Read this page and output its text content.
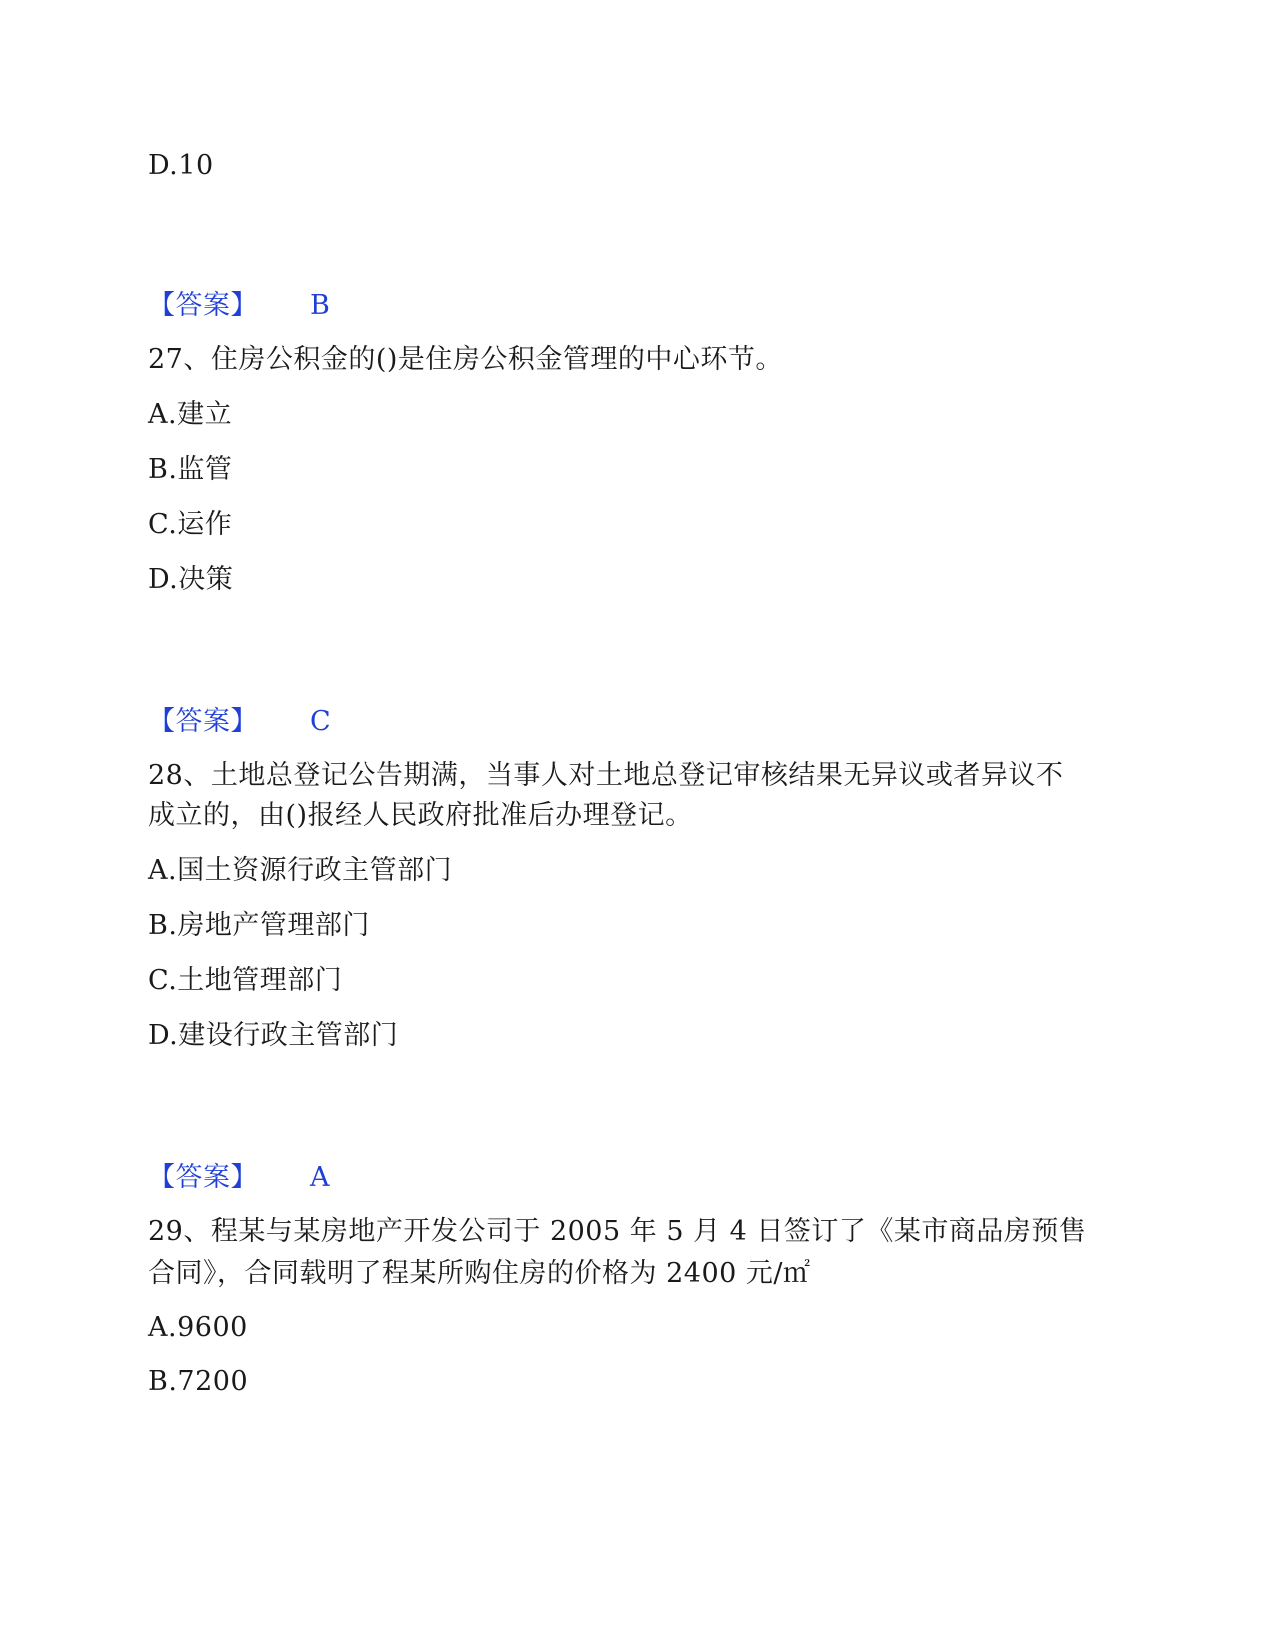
D.10
【答案】 B
27、住房公积金的()是住房公积金管理的中心环节。
A.建立
B.监管
C.运作
D.决策
【答案】 C
28、土地总登记公告期满，当事人对土地总登记审核结果无异议或者异议不
成立的，由()报经人民政府批准后办理登记。
A.国土资源行政主管部门
B.房地产管理部门
C.土地管理部门
D.建设行政主管部门
【答案】 A
29、程某与某房地产开发公司于 2005 年 5 月 4 日签订了《某市商品房预售
合同》，合同载明了程某所购住房的价格为 2400 元/㎡
A.9600
B.7200
